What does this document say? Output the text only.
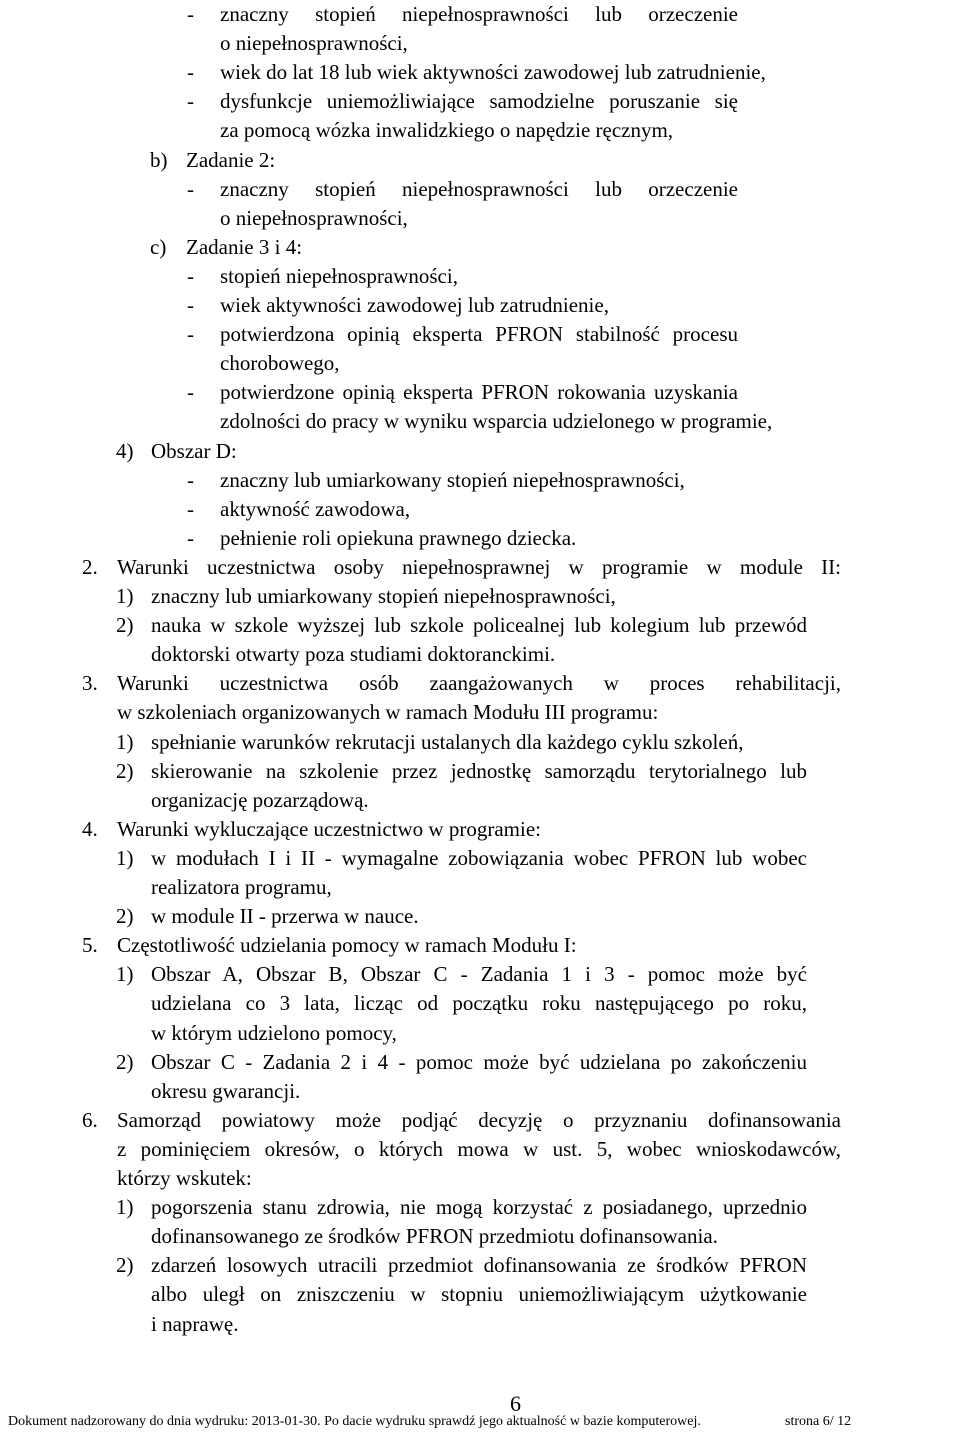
- znaczny stopień niepełnosprawności lub orzeczenie
o niepełnosprawności,
- wiek do lat 18 lub wiek aktywności zawodowej lub zatrudnienie,
- dysfunkcje uniemożliwiające samodzielne poruszanie się
za pomocą wózka inwalidzkiego o napędzie ręcznym,
b) Zadanie 2:
- znaczny stopień niepełnosprawności lub orzeczenie
o niepełnosprawności,
c) Zadanie 3 i 4:
- stopień niepełnosprawności,
- wiek aktywności zawodowej lub zatrudnienie,
- potwierdzona opinią eksperta PFRON stabilność procesu
chorobowego,
- potwierdzone opinią eksperta PFRON rokowania uzyskania
zdolności do pracy w wyniku wsparcia udzielonego w programie,
4) Obszar D:
- znaczny lub umiarkowany stopień niepełnosprawności,
- aktywność zawodowa,
- pełnienie roli opiekuna prawnego dziecka.
2. Warunki uczestnictwa osoby niepełnosprawnej w programie w module II:
1) znaczny lub umiarkowany stopień niepełnosprawności,
2) nauka w szkole wyższej lub szkole policealnej lub kolegium lub przewód
doktorski otwarty poza studiami doktoranckimi.
3. Warunki uczestnictwa osób zaangażowanych w proces rehabilitacji,
w szkoleniach organizowanych w ramach Modułu III programu:
1) spełnianie warunków rekrutacji ustalanych dla każdego cyklu szkoleń,
2) skierowanie na szkolenie przez jednostkę samorządu terytorialnego lub
organizację pozarządową.
4. Warunki wykluczające uczestnictwo w programie:
1) w modułach I i II - wymagalne zobowiązania wobec PFRON lub wobec
realizatora programu,
2) w module II - przerwa w nauce.
5. Częstotliwość udzielania pomocy w ramach Modułu I:
1) Obszar A, Obszar B, Obszar C - Zadania 1 i 3 - pomoc może być
udzielana co 3 lata, licząc od początku roku następującego po roku,
w którym udzielono pomocy,
2) Obszar C - Zadania 2 i 4 - pomoc może być udzielana po zakończeniu
okresu gwarancji.
6. Samorząd powiatowy może podjąć decyzję o przyznaniu dofinansowania
z pominięciem okresów, o których mowa w ust. 5, wobec wnioskodawców,
którzy wskutek:
1) pogorszenia stanu zdrowia, nie mogą korzystać z posiadanego, uprzednio
dofinansowanego ze środków PFRON przedmiotu dofinansowania.
2) zdarzeń losowych utracili przedmiot dofinansowania ze środków PFRON
albo uległ on zniszczeniu w stopniu uniemożliwiającym użytkowanie
i naprawę.
6
Dokument nadzorowany do dnia wydruku: 2013-01-30. Po dacie wydruku sprawdź jego aktualność w bazie komputerowej.	strona 6/ 12
